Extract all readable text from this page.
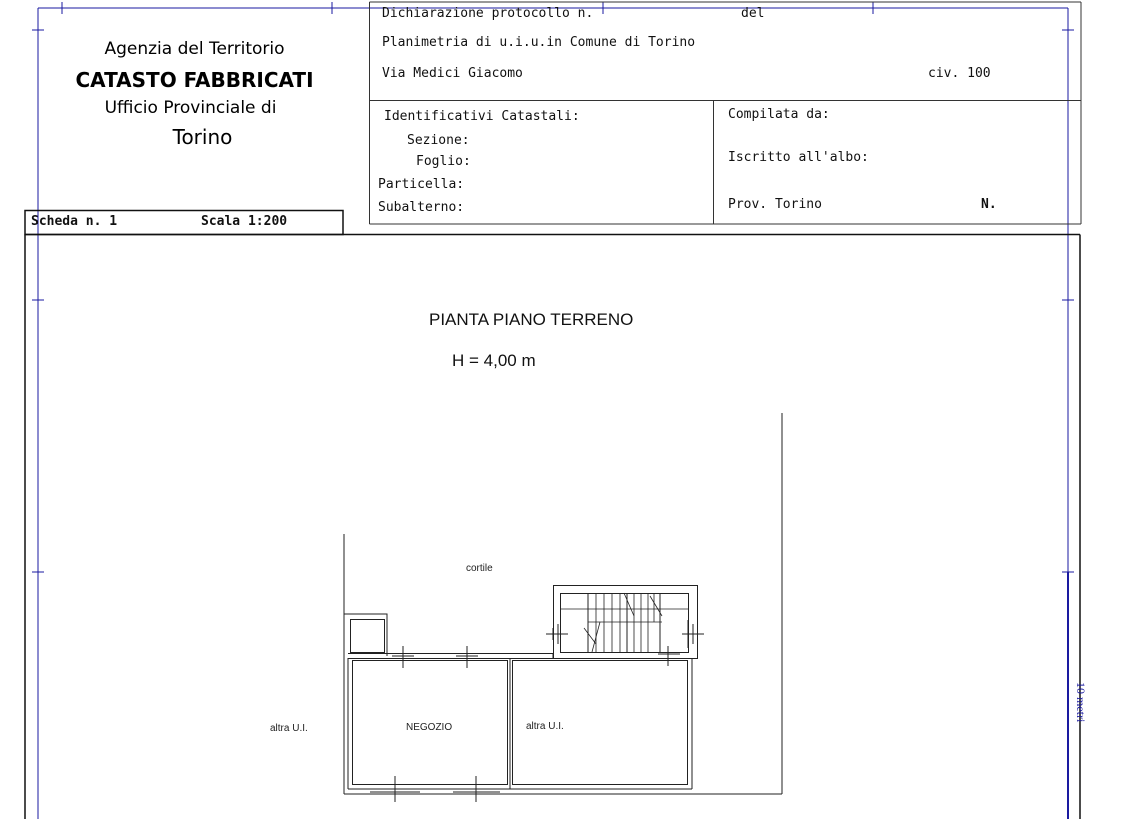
Agenzia del Territorio
CATASTO FABBRICATI
Ufficio Provinciale di
Torino
Dichiarazione protocollo n.	del
Planimetria di u.i.u.in Comune di Torino
Via Medici Giacomo	civ. 100
Identificativi Catastali:
Sezione:
Foglio:
Particella:
Subalterno:
Compilata da:
Iscritto all'albo:
Prov. Torino	N.
Scheda n. 1	Scala 1:200
PIANTA PIANO TERRENO
H = 4,00 m
cortile
NEGOZIO
altra U.I.	altra U.I.
10 metri
